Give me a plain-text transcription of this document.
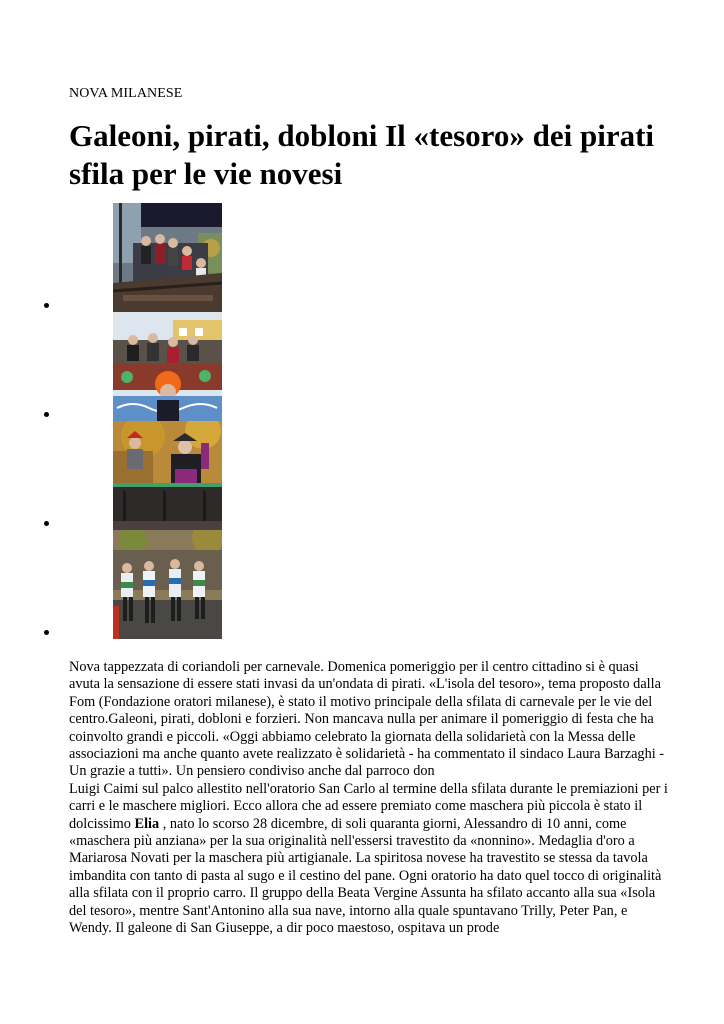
NOVA MILANESE
Galeoni, pirati, dobloni Il «tesoro» dei pirati sfila per le vie novesi

Nova tappezzata di coriandoli per carnevale. Domenica pomeriggio per il centro cittadino si è quasi avuta la sensazione di essere stati invasi da un'ondata di pirati. «L'isola del tesoro», tema proposto dalla Fom (Fondazione oratori milanese), è stato il motivo principale della sfilata di carnevale per le vie del centro.Galeoni, pirati, dobloni e forzieri. Non mancava nulla per animare il pomeriggio di festa che ha coinvolto grandi e piccoli. «Oggi abbiamo celebrato la giornata della solidarietà con la Messa delle associazioni ma anche quanto avete realizzato è solidarietà - ha commentato il sindaco Laura Barzaghi - Un grazie a tutti». Un pensiero condiviso anche dal parroco don

Luigi Caimi sul palco allestito nell'oratorio San Carlo al termine della sfilata durante le premiazioni per i carri e le maschere migliori. Ecco allora che ad essere premiato come maschera più piccola è stato il dolcissimo Elia , nato lo scorso 28 dicembre, di soli quaranta giorni, Alessandro di 10 anni, come «maschera più anziana» per la sua originalità nell'essersi travestito da «nonnino». Medaglia d'oro a

Mariarosa Novati per la maschera più artigianale. La spiritosa novese ha travestito se stessa da tavola imbandita con tanto di pasta al sugo e il cestino del pane. Ogni oratorio ha dato quel tocco di originalità alla sfilata con il proprio carro. Il gruppo della Beata Vergine Assunta ha sfilato accanto alla sua «Isola del tesoro», mentre Sant'Antonino alla sua nave, intorno alla quale spuntavano Trilly, Peter Pan, e Wendy. Il galeone di San Giuseppe, a dir poco maestoso, ospitava un prode
